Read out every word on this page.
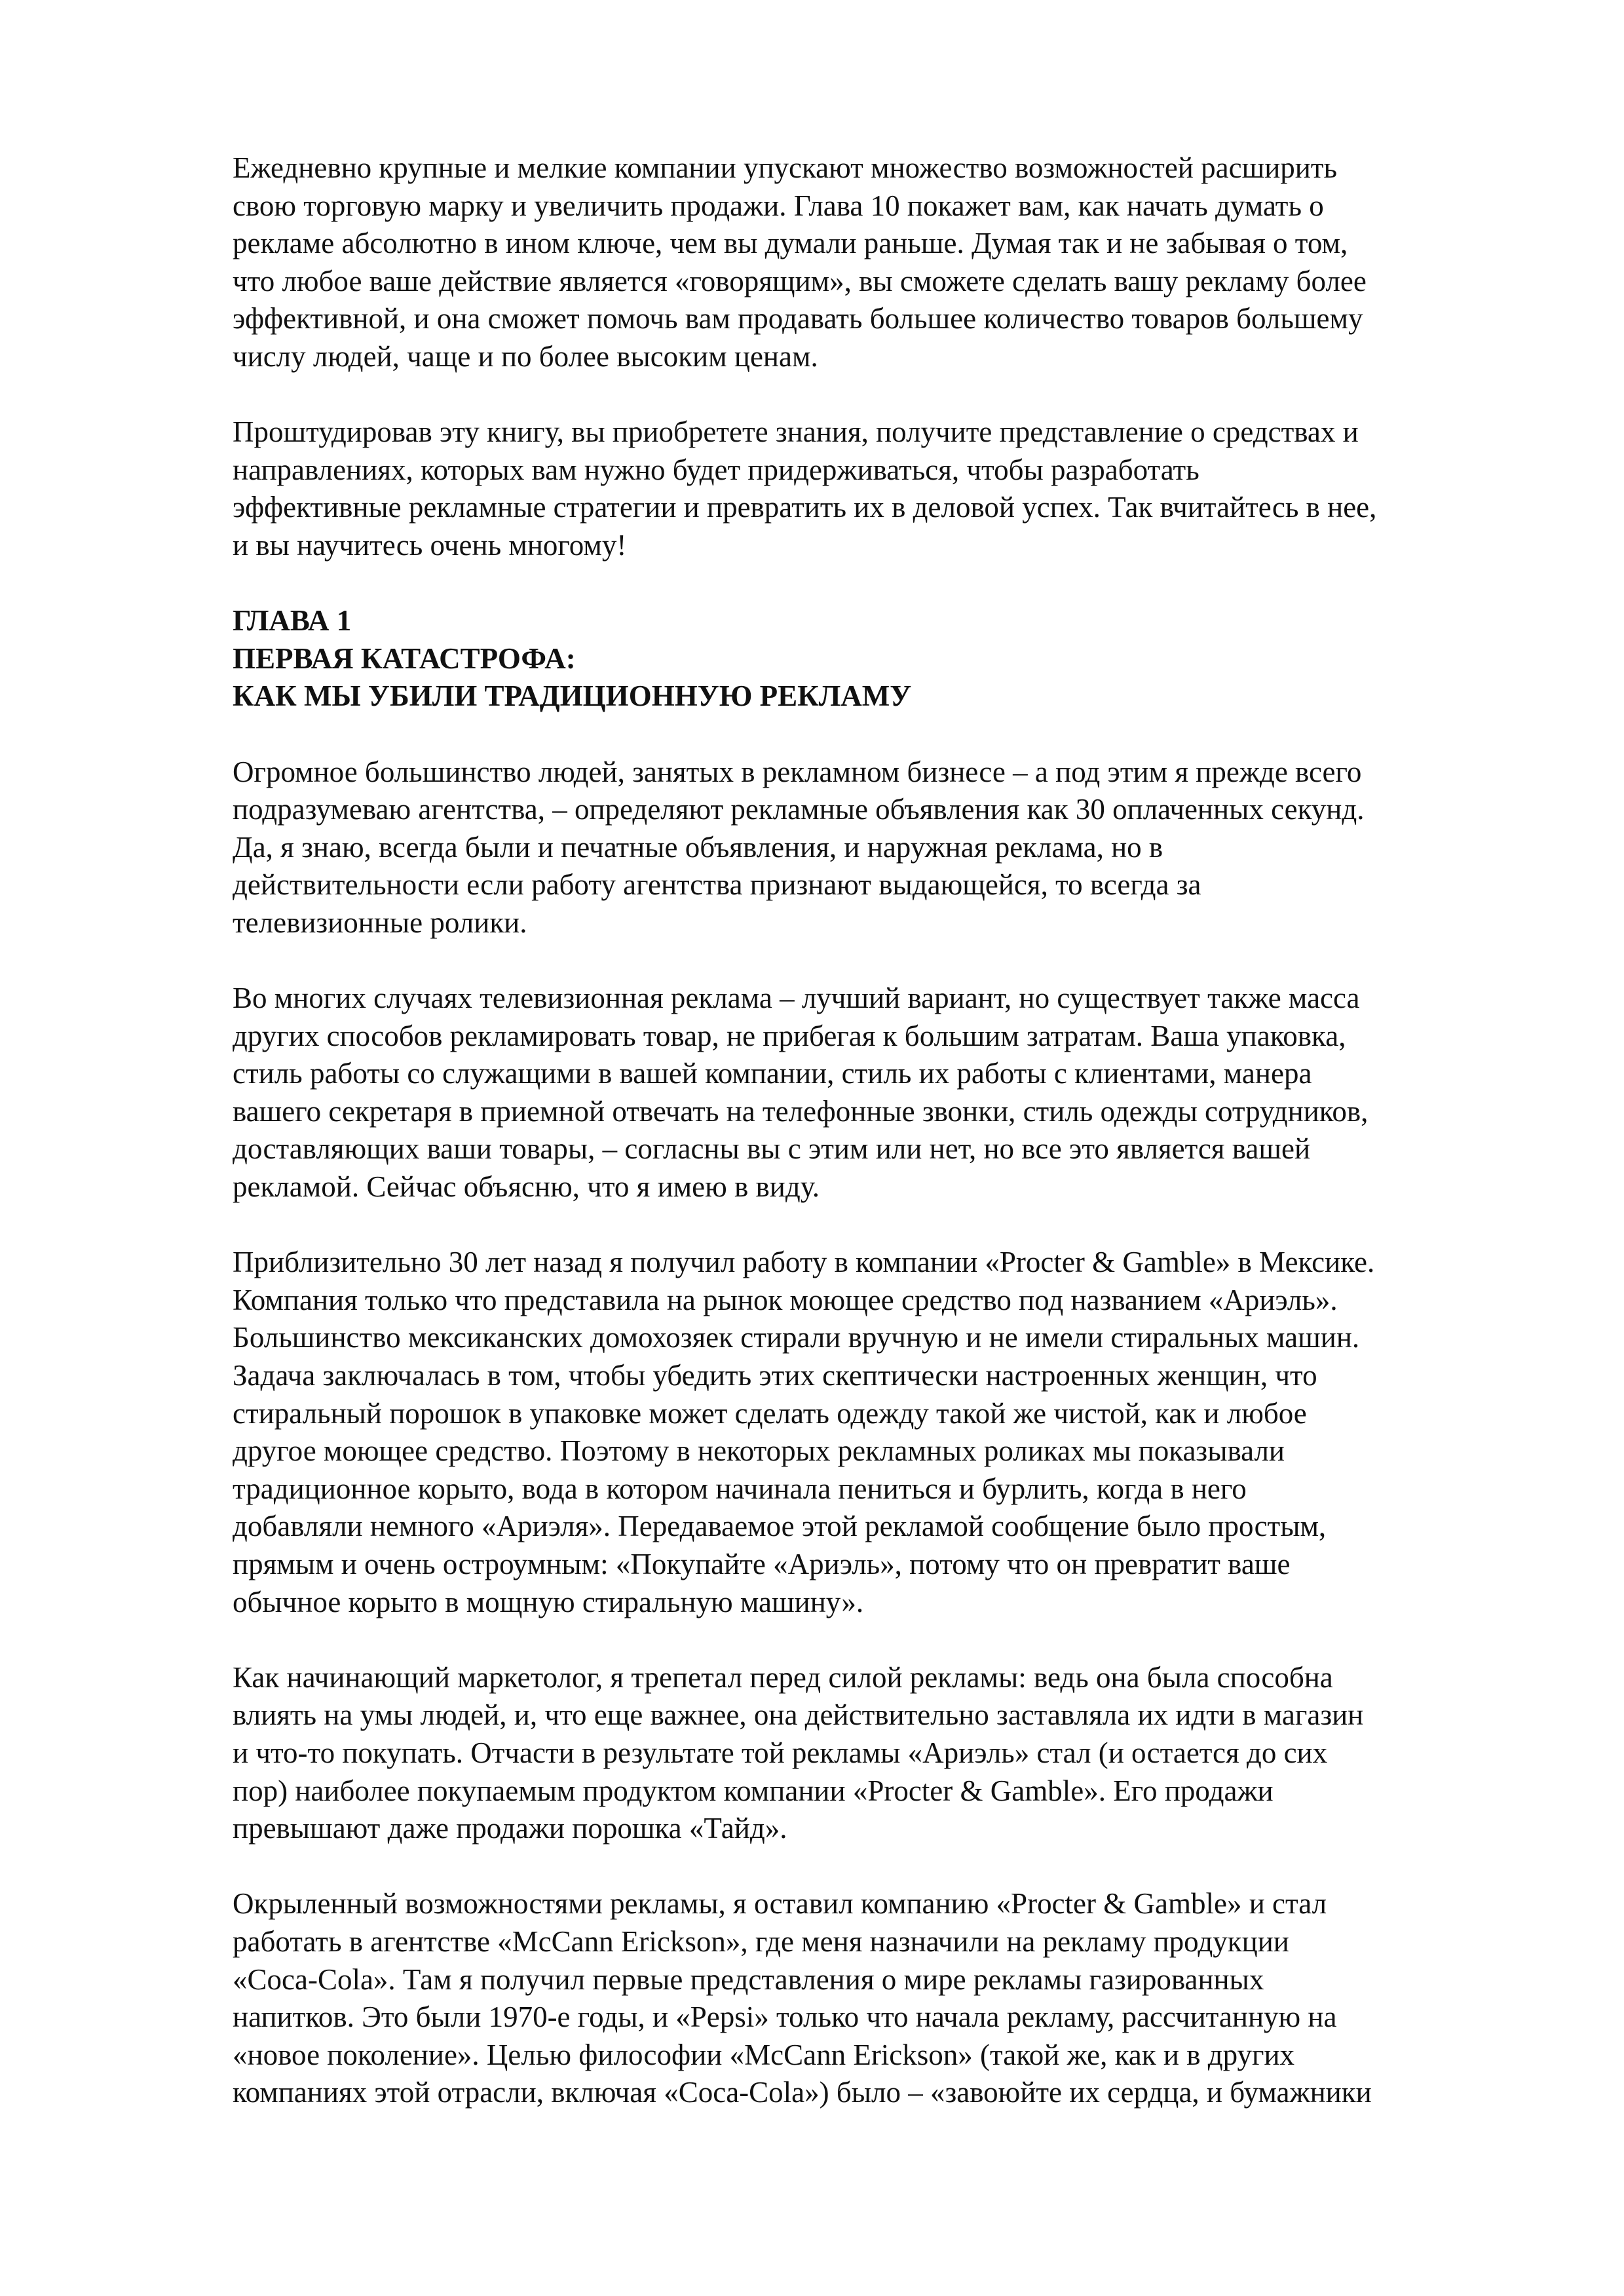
Ежедневно крупные и мелкие компании упускают множество возможностей расширить
свою торговую марку и увеличить продажи. Глава 10 покажет вам, как начать думать о
рекламе абсолютно в ином ключе, чем вы думали раньше. Думая так и не забывая о том,
что любое ваше действие является «говорящим», вы сможете сделать вашу рекламу более
эффективной, и она сможет помочь вам продавать большее количество товаров большему
числу людей, чаще и по более высоким ценам.

Проштудировав эту книгу, вы приобретете знания, получите представление о средствах и
направлениях, которых вам нужно будет придерживаться, чтобы разработать
эффективные рекламные стратегии и превратить их в деловой успех. Так вчитайтесь в нее,
и вы научитесь очень многому!

ГЛАВА 1
ПЕРВАЯ КАТАСТРОФА:
КАК МЫ УБИЛИ ТРАДИЦИОННУЮ РЕКЛАМУ

Огромное большинство людей, занятых в рекламном бизнесе – а под этим я прежде всего
подразумеваю агентства, – определяют рекламные объявления как 30 оплаченных секунд.
Да, я знаю, всегда были и печатные объявления, и наружная реклама, но в
действительности если работу агентства признают выдающейся, то всегда за
телевизионные ролики.

Во многих случаях телевизионная реклама – лучший вариант, но существует также масса
других способов рекламировать товар, не прибегая к большим затратам. Ваша упаковка,
стиль работы со служащими в вашей компании, стиль их работы с клиентами, манера
вашего секретаря в приемной отвечать на телефонные звонки, стиль одежды сотрудников,
доставляющих ваши товары, – согласны вы с этим или нет, но все это является вашей
рекламой. Сейчас объясню, что я имею в виду.

Приблизительно 30 лет назад я получил работу в компании «Procter & Gamble» в Мексике.
Компания только что представила на рынок моющее средство под названием «Ариэль».
Большинство мексиканских домохозяек стирали вручную и не имели стиральных машин.
Задача заключалась в том, чтобы убедить этих скептически настроенных женщин, что
стиральный порошок в упаковке может сделать одежду такой же чистой, как и любое
другое моющее средство. Поэтому в некоторых рекламных роликах мы показывали
традиционное корыто, вода в котором начинала пениться и бурлить, когда в него
добавляли немного «Ариэля». Передаваемое этой рекламой сообщение было простым,
прямым и очень остроумным: «Покупайте «Ариэль», потому что он превратит ваше
обычное корыто в мощную стиральную машину».

Как начинающий маркетолог, я трепетал перед силой рекламы: ведь она была способна
влиять на умы людей, и, что еще важнее, она действительно заставляла их идти в магазин
и что-то покупать. Отчасти в результате той рекламы «Ариэль» стал (и остается до сих
пор) наиболее покупаемым продуктом компании «Procter & Gamble». Его продажи
превышают даже продажи порошка «Тайд».

Окрыленный возможностями рекламы, я оставил компанию «Procter & Gamble» и стал
работать в агентстве «McCann Erickson», где меня назначили на рекламу продукции
«Coca-Cola». Там я получил первые представления о мире рекламы газированных
напитков. Это были 1970-е годы, и «Pepsi» только что начала рекламу, рассчитанную на
«новое поколение». Целью философии «McCann Erickson» (такой же, как и в других
компаниях этой отрасли, включая «Coca-Cola») было – «завоюйте их сердца, и бумажники
